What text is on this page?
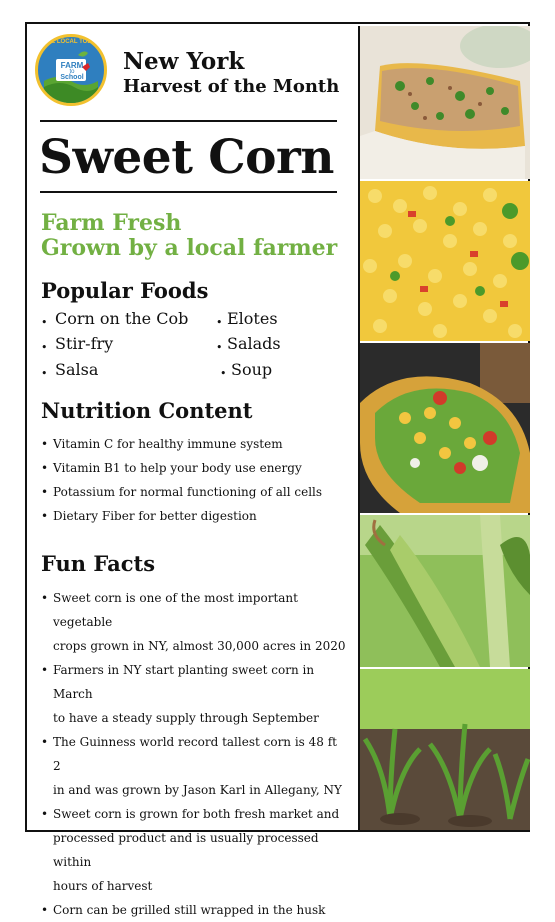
I ATE LOCAL TODAY!
FARM
to
School
New York
Harvest of the Month
Sweet Corn
Farm Fresh
Grown by a local farmer
Popular Foods
• Corn on the Cob
• Stir-fry
• Salsa
• Elotes
• Salads
• Soup
Nutrition Content
• Vitamin C for healthy immune system
• Vitamin B1 to help your body use energy
• Potassium for normal functioning of all cells
• Dietary Fiber for better digestion
Fun Facts
• Sweet corn is one of the most important vegetable
crops grown in NY, almost 30,000 acres in 2020
• Farmers in NY start planting sweet corn in March
to have a steady supply through September
• The Guinness world record tallest corn is 48 ft 2
in and was grown by Jason Karl in Allegany, NY
• Sweet corn is grown for both fresh market and
processed product and is usually processed within
hours of harvest
• Corn can be grilled still wrapped in the husk
